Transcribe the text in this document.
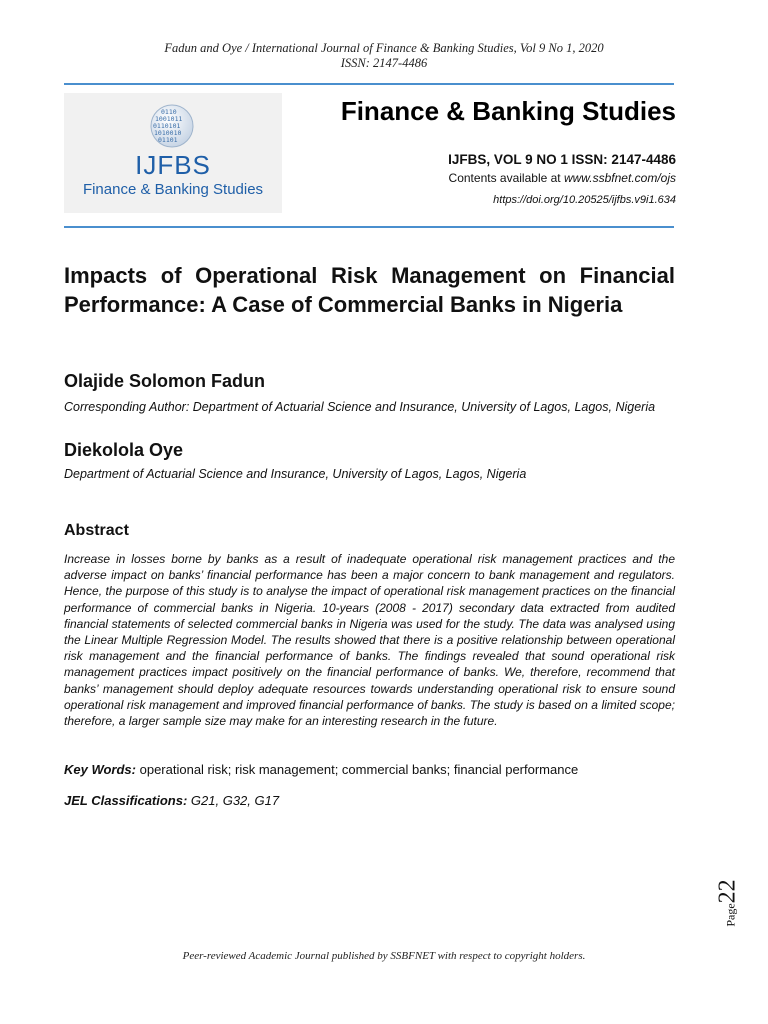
Fadun and Oye / International Journal of Finance & Banking Studies, Vol 9 No 1, 2020
ISSN: 2147-4486
0110
1001011
0110101
1010010
01101
IJFBS
Finance & Banking Studies
Finance & Banking Studies
IJFBS, VOL 9 NO 1 ISSN: 2147-4486
Contents available at www.ssbfnet.com/ojs
https://doi.org/10.20525/ijfbs.v9i1.634
Impacts of Operational Risk Management on Financial Performance: A Case of Commercial Banks in Nigeria
Olajide Solomon Fadun
Corresponding Author: Department of Actuarial Science and Insurance, University of Lagos, Lagos, Nigeria
Diekolola Oye
Department of Actuarial Science and Insurance, University of Lagos, Lagos, Nigeria
Abstract
Increase in losses borne by banks as a result of inadequate operational risk management practices and the adverse impact on banks’ financial performance has been a major concern to bank management and regulators. Hence, the purpose of this study is to analyse the impact of operational risk management practices on the financial performance of commercial banks in Nigeria. 10-years (2008 - 2017) secondary data extracted from audited financial statements of selected commercial banks in Nigeria was used for the study. The data was analysed using the Linear Multiple Regression Model. The results showed that there is a positive relationship between operational risk management and the financial performance of banks. The findings revealed that sound operational risk management practices impact positively on the financial performance of banks. We, therefore, recommend that banks’ management should deploy adequate resources towards understanding operational risk to ensure sound operational risk management and improved financial performance of banks. The study is based on a limited scope; therefore, a larger sample size may make for an interesting research in the future.
Key Words: operational risk; risk management; commercial banks; financial performance
JEL Classifications: G21, G32, G17
Page22
Peer-reviewed Academic Journal published by SSBFNET with respect to copyright holders.
